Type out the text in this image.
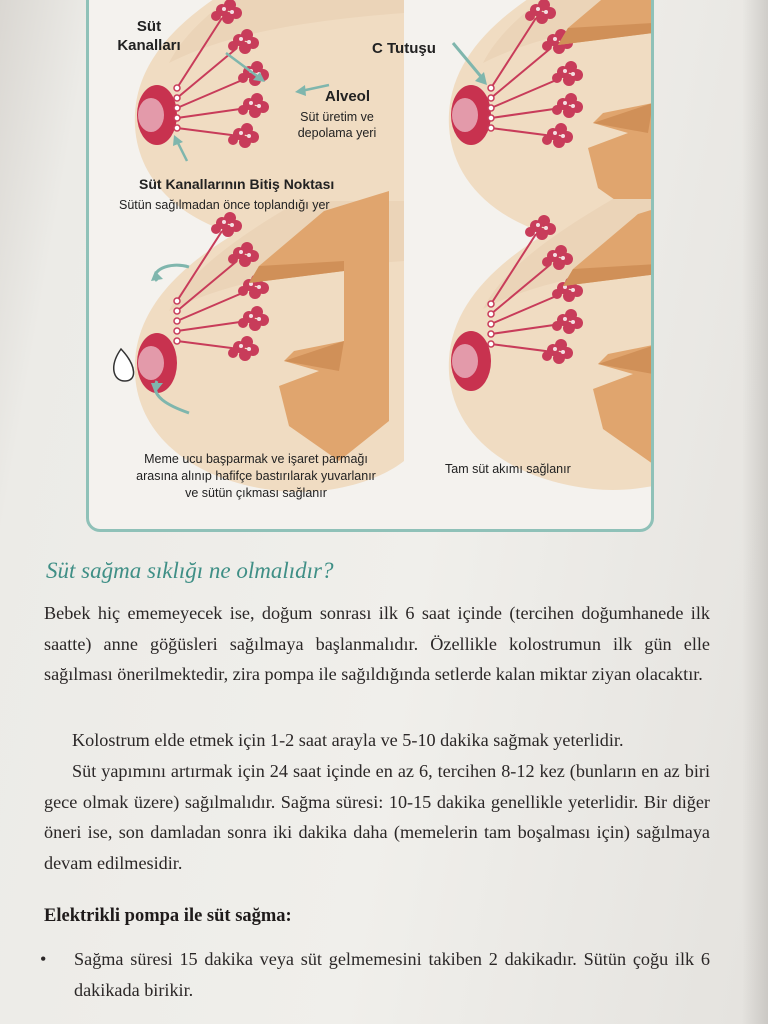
Süt Kanalları	C Tutuşu
Alveol
Süt üretim ve depolama yeri
Süt Kanallarının Bitiş Noktası
Sütün sağılmadan önce toplandığı yer
Meme ucu başparmak ve işaret parmağı arasına alınıp hafifçe bastırılarak yuvarlanır ve sütün çıkması sağlanır
Tam süt akımı sağlanır
Süt sağma sıklığı ne olmalıdır?

Bebek hiç ememeyecek ise, doğum sonrası ilk 6 saat içinde (tercihen doğumhanede ilk saatte) anne göğüsleri sağılmaya başlanmalıdır. Özellikle kolostrumun ilk gün elle sağılması önerilmektedir, zira pompa ile sağıldığında setlerde kalan miktar ziyan olacaktır.

Kolostrum elde etmek için 1-2 saat arayla ve 5-10 dakika sağmak yeterlidir.

Süt yapımını artırmak için 24 saat içinde en az 6, tercihen 8-12 kez (bunların en az biri gece olmak üzere) sağılmalıdır. Sağma süresi: 10-15 dakika genellikle yeterlidir. Bir diğer öneri ise, son damladan sonra iki dakika daha (memelerin tam boşalması için) sağılmaya devam edilmesidir.

Elektrikli pompa ile süt sağma:
•	Sağma süresi 15 dakika veya süt gelmemesini takiben 2 dakikadır. Sütün çoğu ilk 6 dakikada birikir.
